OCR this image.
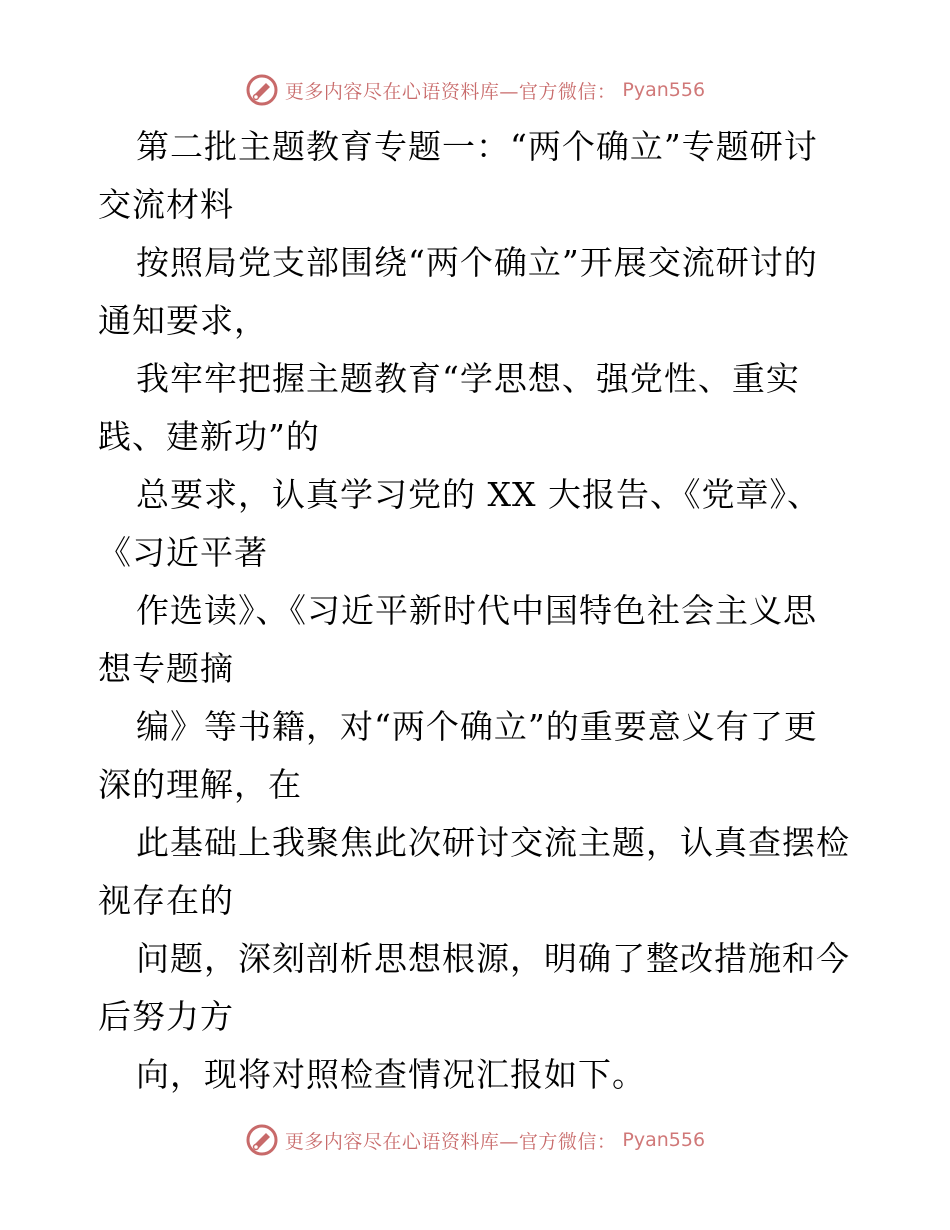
更多内容尽在心语资料库—官方微信： Pyan556

第二批主题教育专题一：“两个确立”专题研讨
交流材料

按照局党支部围绕“两个确立”开展交流研讨的
通知要求，

我牢牢把握主题教育“学思想、强党性、重实
践、建新功”的

总要求，认真学习党的 XX 大报告、《党章》、
《习近平著

作选读》、《习近平新时代中国特色社会主义思
想专题摘

编》等书籍，对“两个确立”的重要意义有了更
深的理解，在

此基础上我聚焦此次研讨交流主题，认真查摆检
视存在的

问题，深刻剖析思想根源，明确了整改措施和今
后努力方

向，现将对照检查情况汇报如下。

更多内容尽在心语资料库—官方微信： Pyan556
